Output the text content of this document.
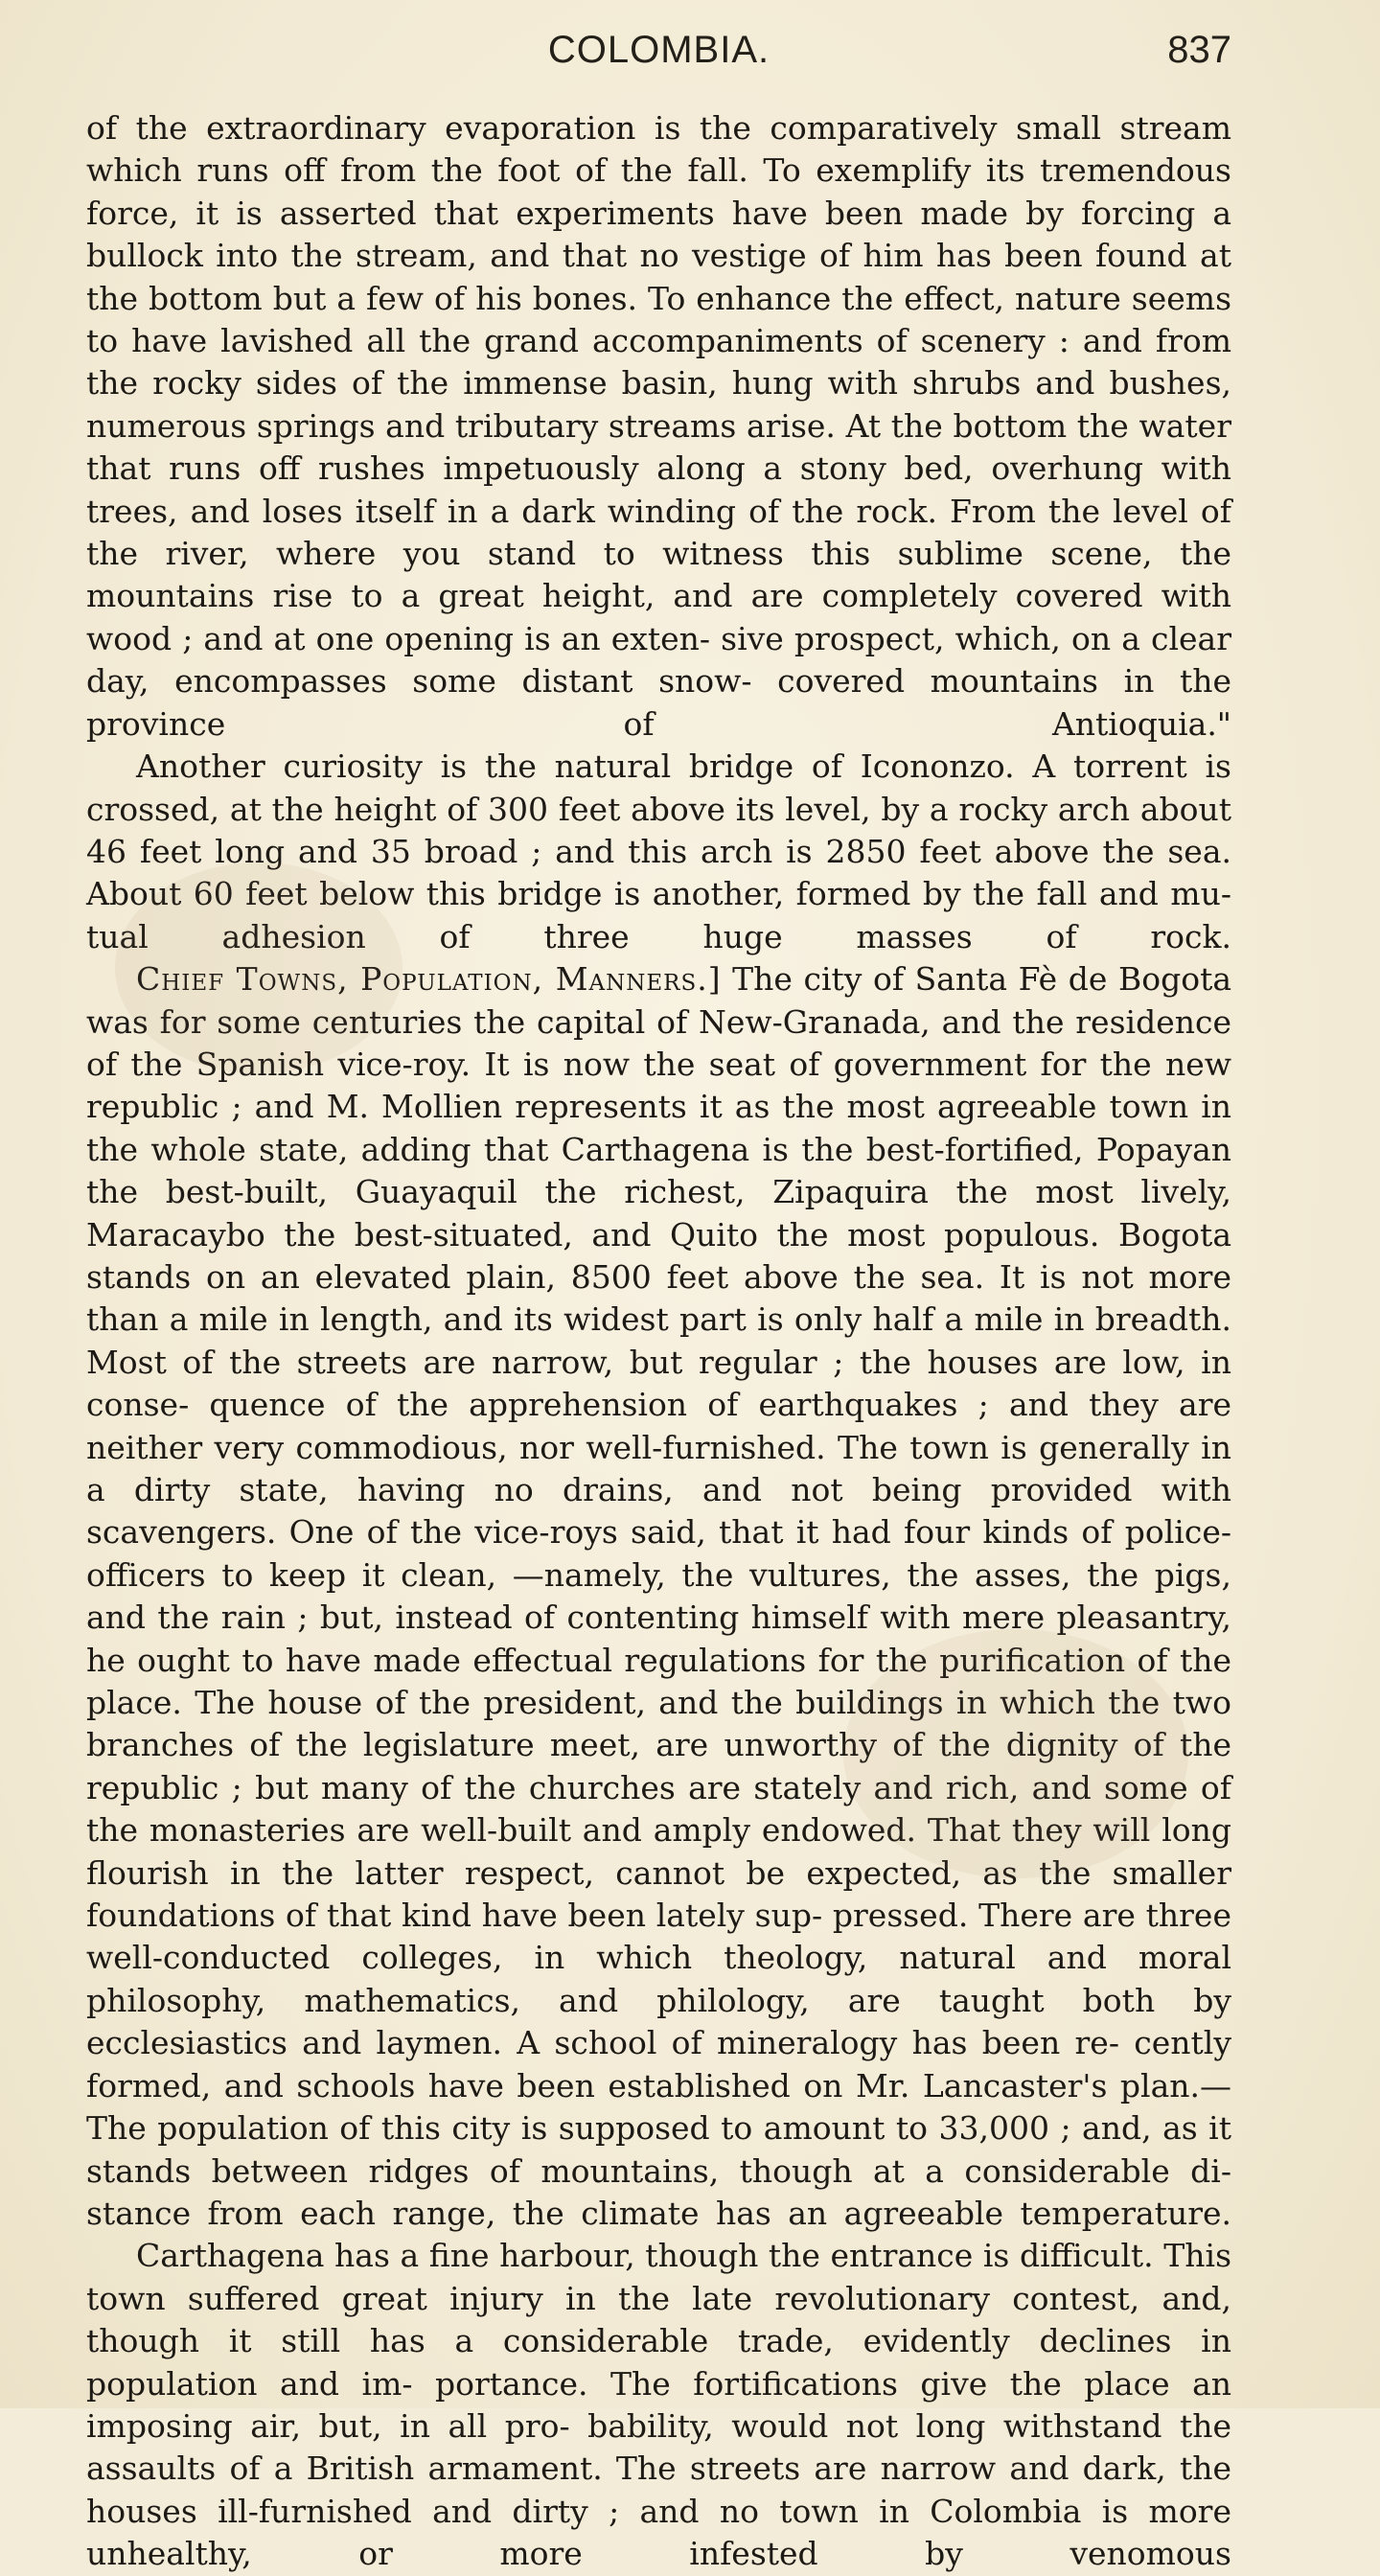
COLOMBIA.	837

of the extraordinary evaporation is the comparatively small stream which runs off from the foot of the fall. To exemplify its tremendous force, it is asserted that experiments have been made by forcing a bullock into the stream, and that no vestige of him has been found at the bottom but a few of his bones. To enhance the effect, nature seems to have lavished all the grand accompaniments of scenery : and from the rocky sides of the immense basin, hung with shrubs and bushes, numerous springs and tributary streams arise. At the bottom the water that runs off rushes impetuously along a stony bed, overhung with trees, and loses itself in a dark winding of the rock. From the level of the river, where you stand to witness this sublime scene, the mountains rise to a great height, and are completely covered with wood ; and at one opening is an exten- sive prospect, which, on a clear day, encompasses some distant snow- covered mountains in the province of Antioquia."

Another curiosity is the natural bridge of Icononzo. A torrent is crossed, at the height of 300 feet above its level, by a rocky arch about 46 feet long and 35 broad ; and this arch is 2850 feet above the sea. About 60 feet below this bridge is another, formed by the fall and mu- tual adhesion of three huge masses of rock.

Chief Towns, Population, Manners.] The city of Santa Fè de Bogota was for some centuries the capital of New-Granada, and the residence of the Spanish vice-roy. It is now the seat of government for the new republic ; and M. Mollien represents it as the most agreeable town in the whole state, adding that Carthagena is the best-fortified, Popayan the best-built, Guayaquil the richest, Zipaquira the most lively, Maracaybo the best-situated, and Quito the most populous. Bogota stands on an elevated plain, 8500 feet above the sea. It is not more than a mile in length, and its widest part is only half a mile in breadth. Most of the streets are narrow, but regular ; the houses are low, in conse- quence of the apprehension of earthquakes ; and they are neither very commodious, nor well-furnished. The town is generally in a dirty state, having no drains, and not being provided with scavengers. One of the vice-roys said, that it had four kinds of police-officers to keep it clean, —namely, the vultures, the asses, the pigs, and the rain ; but, instead of contenting himself with mere pleasantry, he ought to have made effectual regulations for the purification of the place. The house of the president, and the buildings in which the two branches of the legislature meet, are unworthy of the dignity of the republic ; but many of the churches are stately and rich, and some of the monasteries are well-built and amply endowed. That they will long flourish in the latter respect, cannot be expected, as the smaller foundations of that kind have been lately sup- pressed. There are three well-conducted colleges, in which theology, natural and moral philosophy, mathematics, and philology, are taught both by ecclesiastics and laymen. A school of mineralogy has been re- cently formed, and schools have been established on Mr. Lancaster's plan.—The population of this city is supposed to amount to 33,000 ; and, as it stands between ridges of mountains, though at a considerable di- stance from each range, the climate has an agreeable temperature.

Carthagena has a fine harbour, though the entrance is difficult. This town suffered great injury in the late revolutionary contest, and, though it still has a considerable trade, evidently declines in population and im- portance. The fortifications give the place an imposing air, but, in all pro- bability, would not long withstand the assaults of a British armament. The streets are narrow and dark, the houses ill-furnished and dirty ; and no town in Colombia is more unhealthy, or more infested by venomous
